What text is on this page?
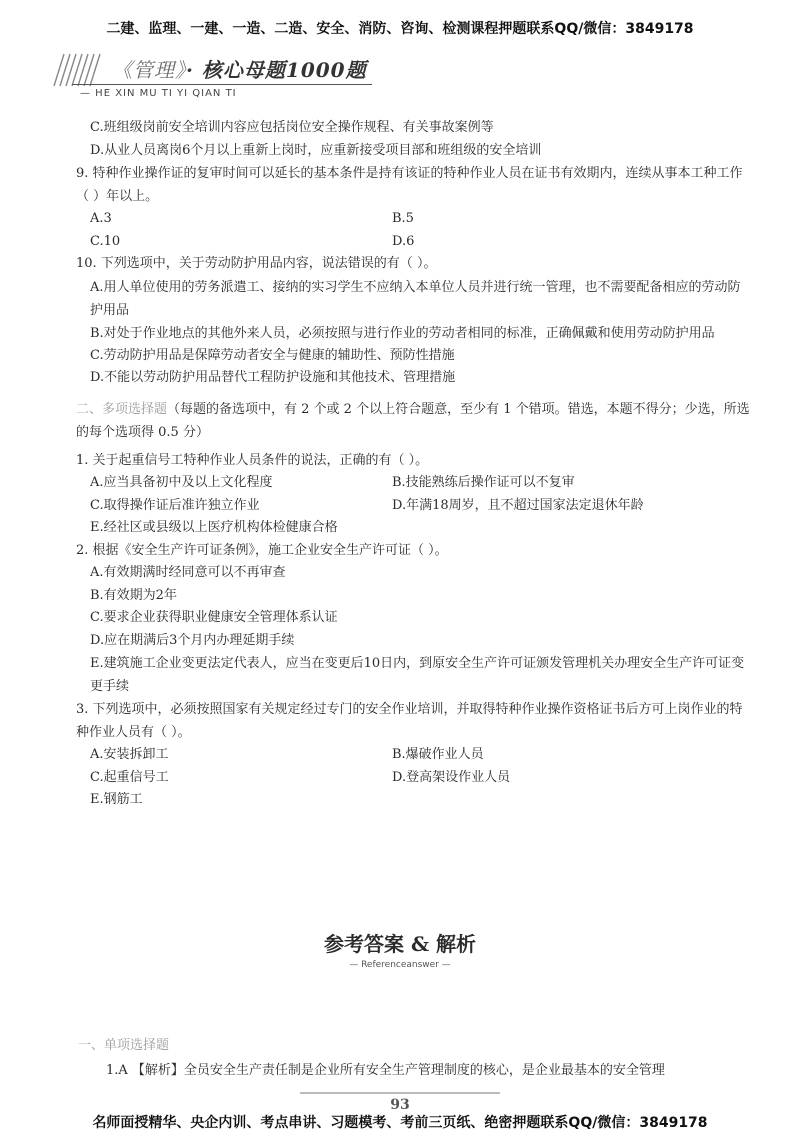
二建、监理、一建、一造、二造、安全、消防、咨询、检测课程押题联系QQ/微信：3849178
《管理》· 核心母题1000题
— HE XIN MU TI YI QIAN TI
C.班组级岗前安全培训内容应包括岗位安全操作规程、有关事故案例等
D.从业人员离岗6个月以上重新上岗时，应重新接受项目部和班组级的安全培训
9. 特种作业操作证的复审时间可以延长的基本条件是持有该证的特种作业人员在证书有效期内，连续从事本工种工作（ ）年以上。
A.3	B.5
C.10	D.6
10. 下列选项中，关于劳动防护用品内容，说法错误的有（ ）。
A.用人单位使用的劳务派遣工、接纳的实习学生不应纳入本单位人员并进行统一管理，也不需要配备相应的劳动防护用品
B.对处于作业地点的其他外来人员，必须按照与进行作业的劳动者相同的标准，正确佩戴和使用劳动防护用品
C.劳动防护用品是保障劳动者安全与健康的辅助性、预防性措施
D.不能以劳动防护用品替代工程防护设施和其他技术、管理措施
二、多项选择题（每题的备选项中，有 2 个或 2 个以上符合题意，至少有 1 个错项。错选，本题不得分；少选，所选的每个选项得 0.5 分）
1. 关于起重信号工特种作业人员条件的说法，正确的有（ ）。
A.应当具备初中及以上文化程度	B.技能熟练后操作证可以不复审
C.取得操作证后准许独立作业	D.年满18周岁，且不超过国家法定退休年龄
E.经社区或县级以上医疗机构体检健康合格
2. 根据《安全生产许可证条例》，施工企业安全生产许可证（ ）。
A.有效期满时经同意可以不再审查
B.有效期为2年
C.要求企业获得职业健康安全管理体系认证
D.应在期满后3个月内办理延期手续
E.建筑施工企业变更法定代表人，应当在变更后10日内，到原安全生产许可证颁发管理机关办理安全生产许可证变更手续
3. 下列选项中，必须按照国家有关规定经过专门的安全作业培训，并取得特种作业操作资格证书后方可上岗作业的特种作业人员有（ ）。
A.安装拆卸工	B.爆破作业人员
C.起重信号工	D.登高架设作业人员
E.钢筋工
参考答案 & 解析
— Referenceanswer —
一、单项选择题
1.A 【解析】全员安全生产责任制是企业所有安全生产管理制度的核心，是企业最基本的安全管理
93
名师面授精华、央企内训、考点串讲、习题模考、考前三页纸、绝密押题联系QQ/微信：3849178
